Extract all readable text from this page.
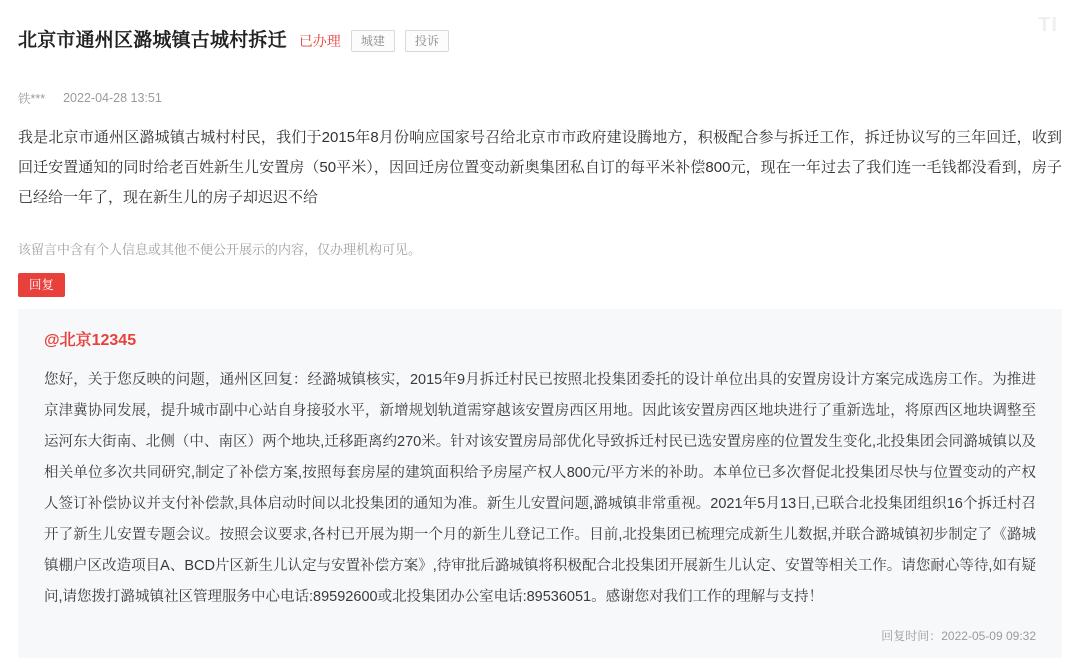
TI
北京市通州区潞城镇古城村拆迁 已办理	城建	投诉
铁*** 2022-04-28 13:51
我是北京市通州区潞城镇古城村村民，我们于2015年8月份响应国家号召给北京市市政府建设腾地方，积极配合参与拆迁工作，拆迁协议写的三年回迁，收到回迁安置通知的同时给老百姓新生儿安置房（50平米），因回迁房位置变动新奥集团私自订的每平米补偿800元，现在一年过去了我们连一毛钱都没看到，房子已经给一年了，现在新生儿的房子却迟迟不给
该留言中含有个人信息或其他不便公开展示的内容，仅办理机构可见。
回复
@北京12345
您好，关于您反映的问题，通州区回复：经潞城镇核实，2015年9月拆迁村民已按照北投集团委托的设计单位出具的安置房设计方案完成选房工作。为推进京津冀协同发展，提升城市副中心站自身接驳水平，新增规划轨道需穿越该安置房西区用地。因此该安置房西区地块进行了重新选址，将原西区地块调整至运河东大街南、北侧（中、南区）两个地块,迁移距离约270米。针对该安置房局部优化导致拆迁村民已选安置房座的位置发生变化,北投集团会同潞城镇以及相关单位多次共同研究,制定了补偿方案,按照每套房屋的建筑面积给予房屋产权人800元/平方米的补助。本单位已多次督促北投集团尽快与位置变动的产权人签订补偿协议并支付补偿款,具体启动时间以北投集团的通知为准。新生儿安置问题,潞城镇非常重视。2021年5月13日,已联合北投集团组织16个拆迁村召开了新生儿安置专题会议。按照会议要求,各村已开展为期一个月的新生儿登记工作。目前,北投集团已梳理完成新生儿数据,并联合潞城镇初步制定了《潞城镇棚户区改造项目A、BCD片区新生儿认定与安置补偿方案》,待审批后潞城镇将积极配合北投集团开展新生儿认定、安置等相关工作。请您耐心等待,如有疑问,请您拨打潞城镇社区管理服务中心电话:89592600或北投集团办公室电话:89536051。感谢您对我们工作的理解与支持！
回复时间：2022-05-09 09:32
